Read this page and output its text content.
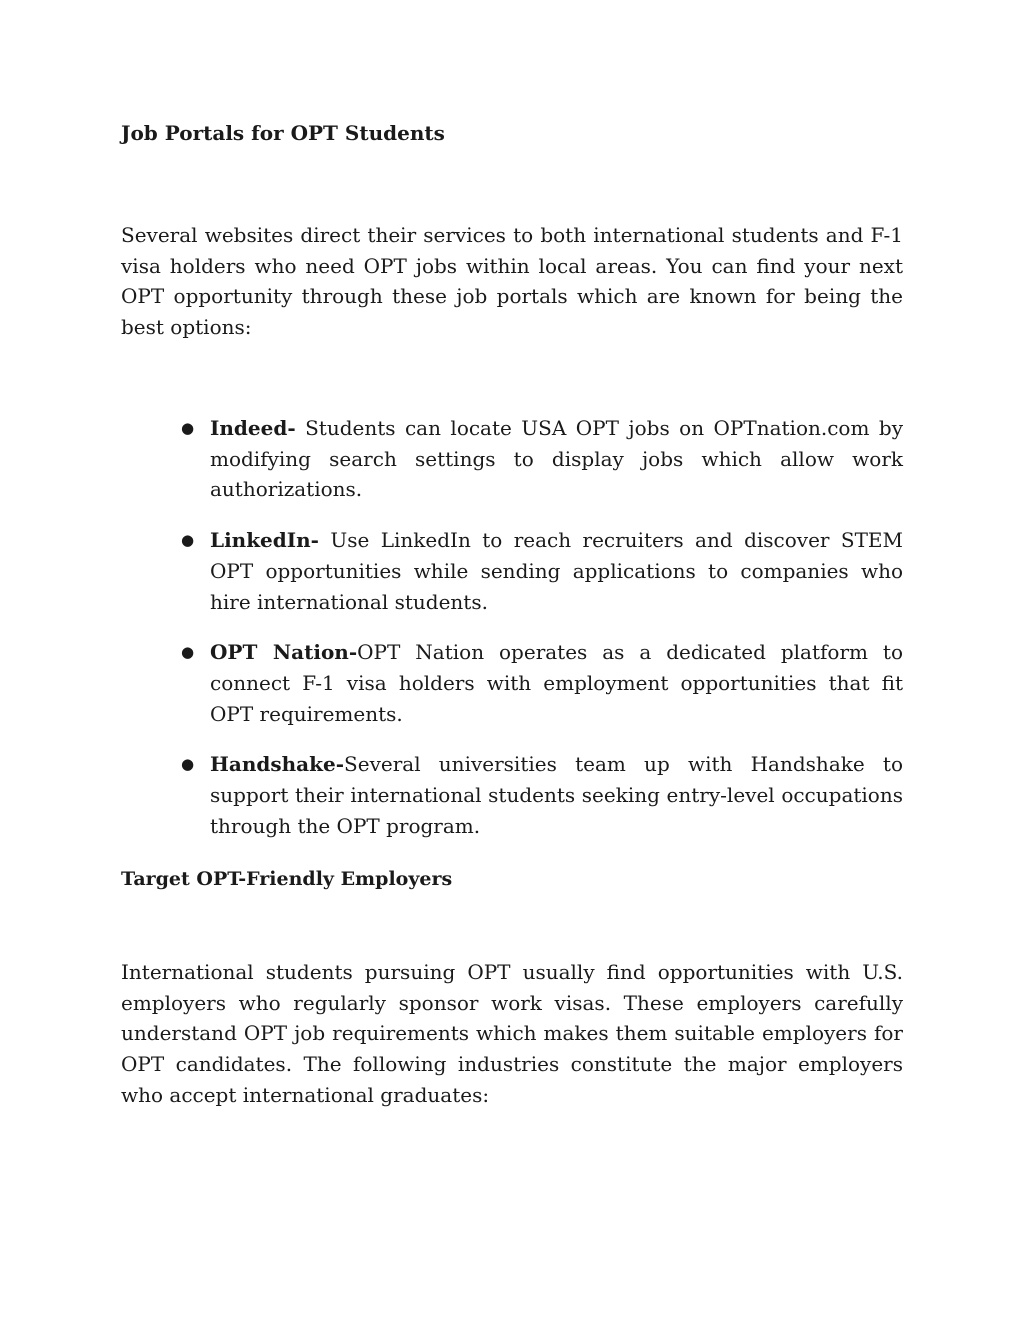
Job Portals for OPT Students

Several websites direct their services to both international students and F-1 visa holders who need OPT jobs within local areas. You can find your next OPT opportunity through these job portals which are known for being the best options:

● Indeed- Students can locate USA OPT jobs on OPTnation.com by modifying search settings to display jobs which allow work authorizations.
● LinkedIn- Use LinkedIn to reach recruiters and discover STEM OPT opportunities while sending applications to companies who hire international students.
● OPT Nation-OPT Nation operates as a dedicated platform to connect F-1 visa holders with employment opportunities that fit OPT requirements.
● Handshake-Several universities team up with Handshake to support their international students seeking entry-level occupations through the OPT program.
Target OPT-Friendly Employers

International students pursuing OPT usually find opportunities with U.S. employers who regularly sponsor work visas. These employers carefully understand OPT job requirements which makes them suitable employers for OPT candidates. The following industries constitute the major employers who accept international graduates:
